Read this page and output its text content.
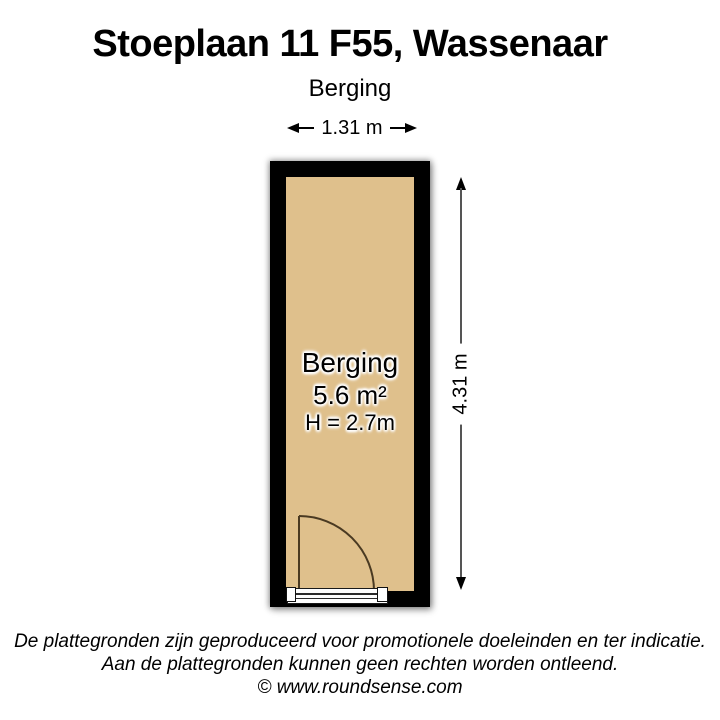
Stoeplaan 11 F55, Wassenaar
Berging
1.31 m
Berging
5.6 m²
H = 2.7m
4.31 m
De plattegronden zijn geproduceerd voor promotionele doeleinden en ter indicatie.
Aan de plattegronden kunnen geen rechten worden ontleend.
© www.roundsense.com
